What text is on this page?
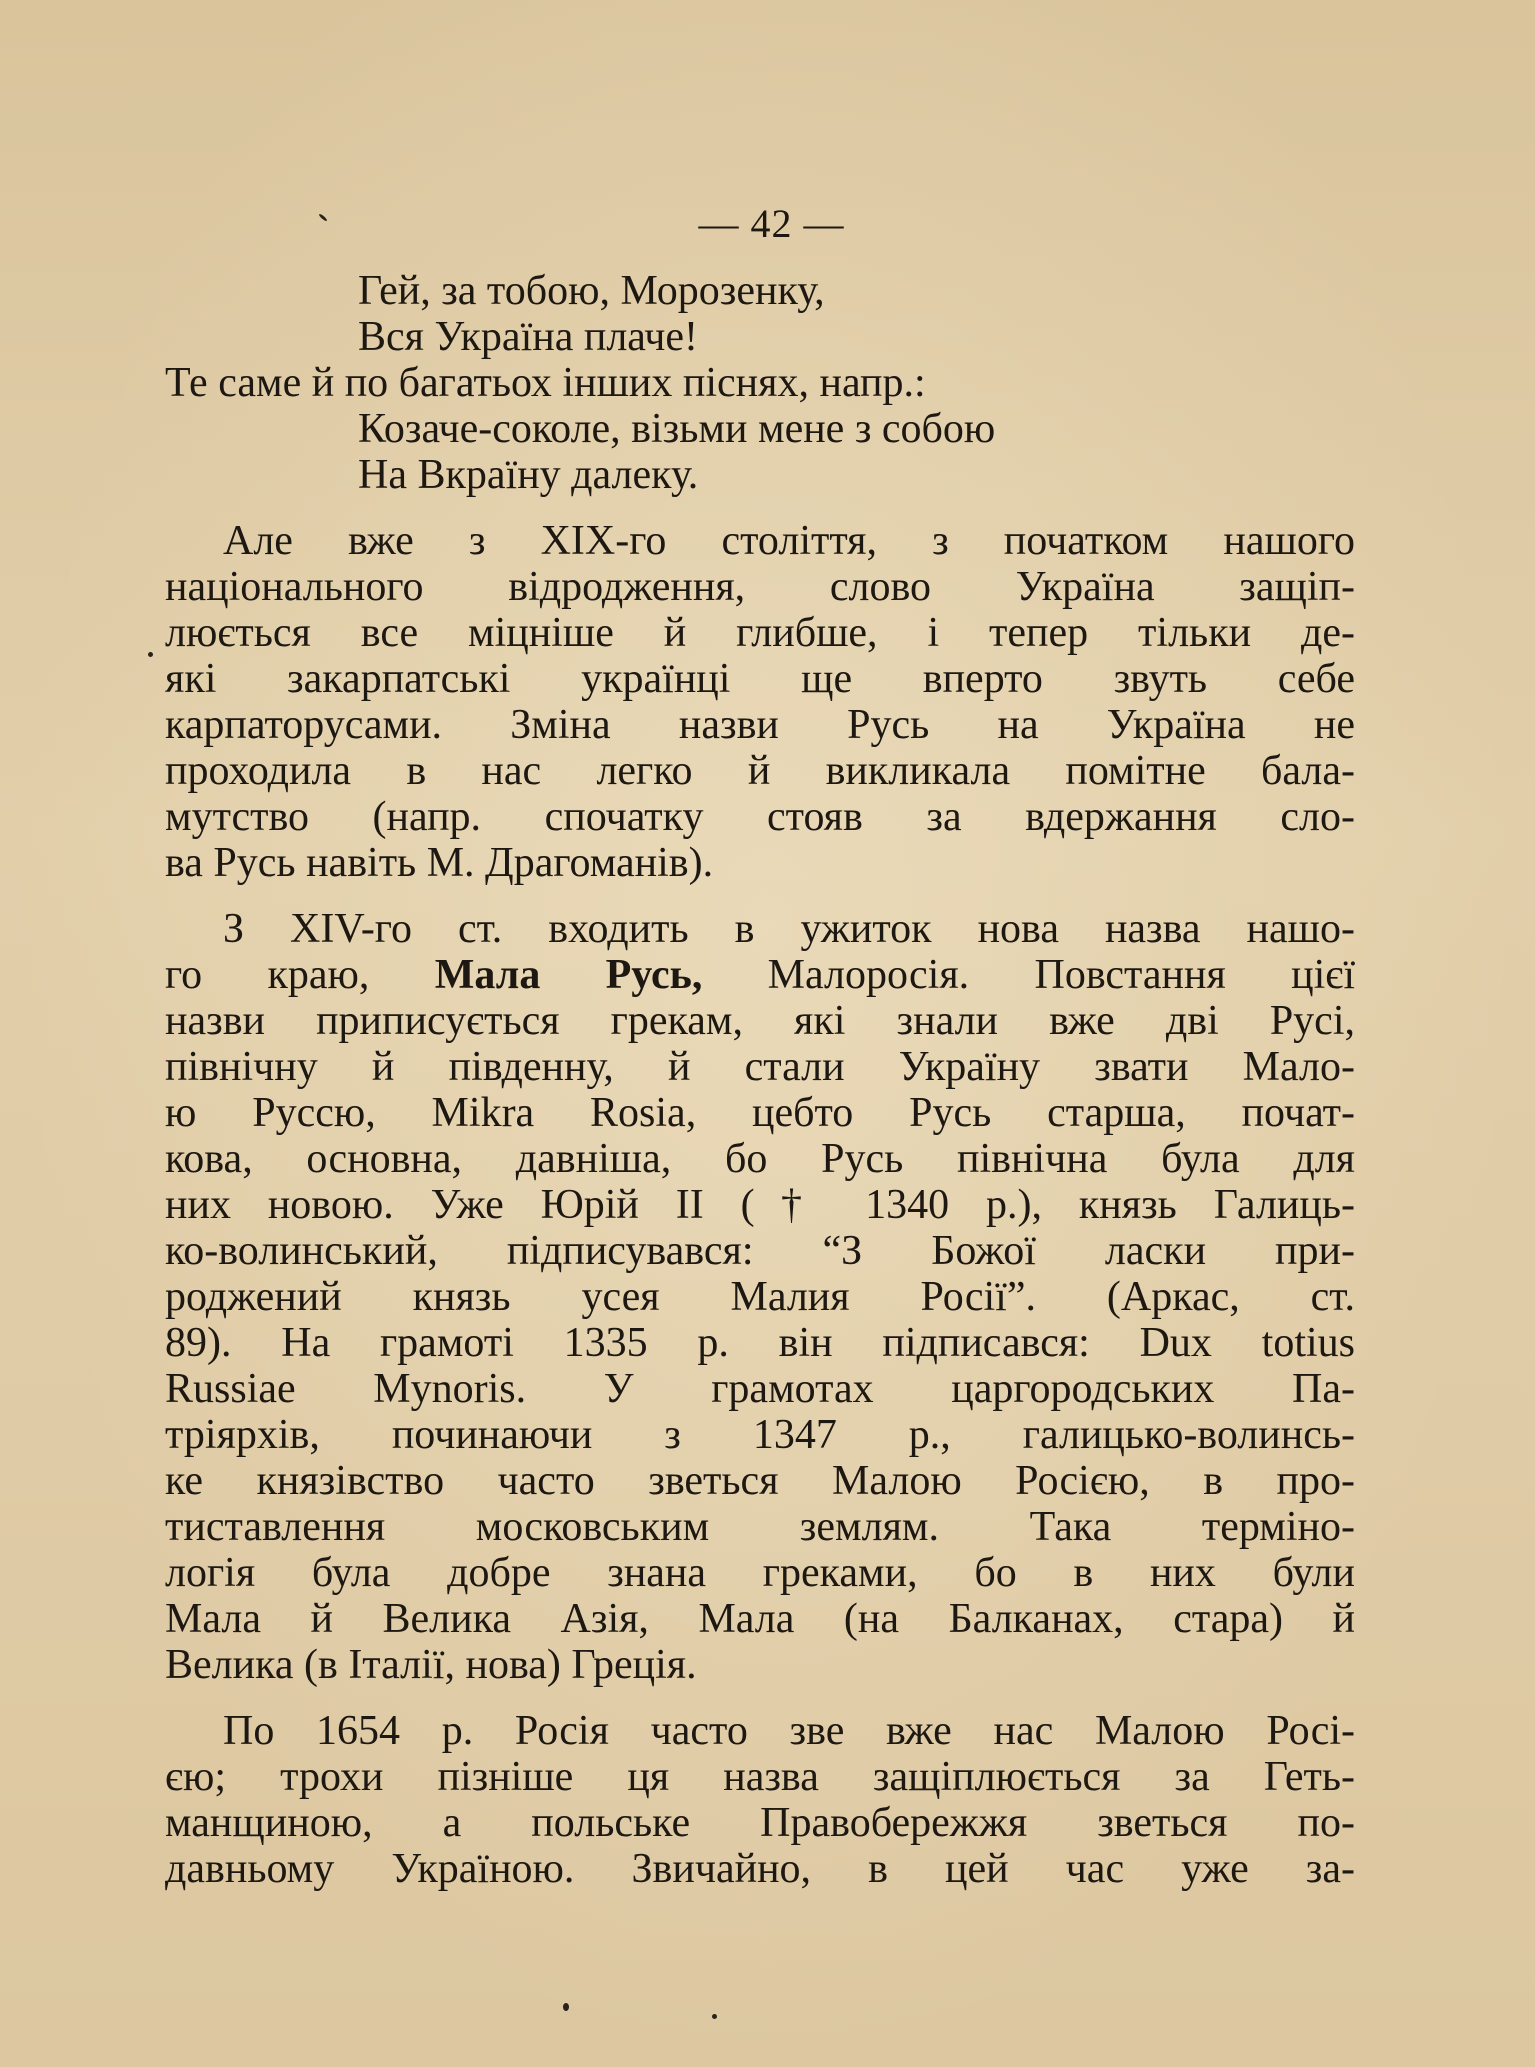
— 42 —
Гей, за тобою, Морозенку,
Вся Україна плаче!
Те саме й по багатьох інших піснях, напр.:
Козаче-соколе, візьми мене з собою
На Вкраїну далеку.
Але вже з XIX-го століття, з початком нашого
національного відродження, слово Україна защіп-
люється все міцніше й глибше, і тепер тільки де-
які закарпатські українці ще вперто звуть себе
карпаторусами. Зміна назви Русь на Україна не
проходила в нас легко й викликала помітне бала-
мутство (напр. спочатку стояв за вдержання сло-
ва Русь навіть М. Драгоманів).
З XIV-го ст. входить в ужиток нова назва нашо-
го краю, Мала Русь, Малоросія. Повстання цієї
назви приписується грекам, які знали вже дві Русі,
північну й південну, й стали Україну звати Мало-
ю Руссю, Mikra Rosia, цебто Русь старша, почат-
кова, основна, давніша, бо Русь північна була для
них новою. Уже Юрій II († 1340 р.), князь Галиць-
ко-волинський, підписувався: “З Божої ласки при-
роджений князь усея Малия Росії”. (Аркас, ст.
89). На грамоті 1335 р. він підписався: Dux totius
Russiae Mynoris. У грамотах царгородських Па-
тріярхів, починаючи з 1347 р., галицько-волинсь-
ке князівство часто зветься Малою Росією, в про-
тиставлення московським землям. Така терміно-
логія була добре знана греками, бо в них були
Мала й Велика Азія, Мала (на Балканах, стара) й
Велика (в Італії, нова) Греція.
По 1654 р. Росія часто зве вже нас Малою Росі-
єю; трохи пізніше ця назва защіплюється за Геть-
манщиною, а польське Правобережжя зветься по-
давньому Україною. Звичайно, в цей час уже за-
